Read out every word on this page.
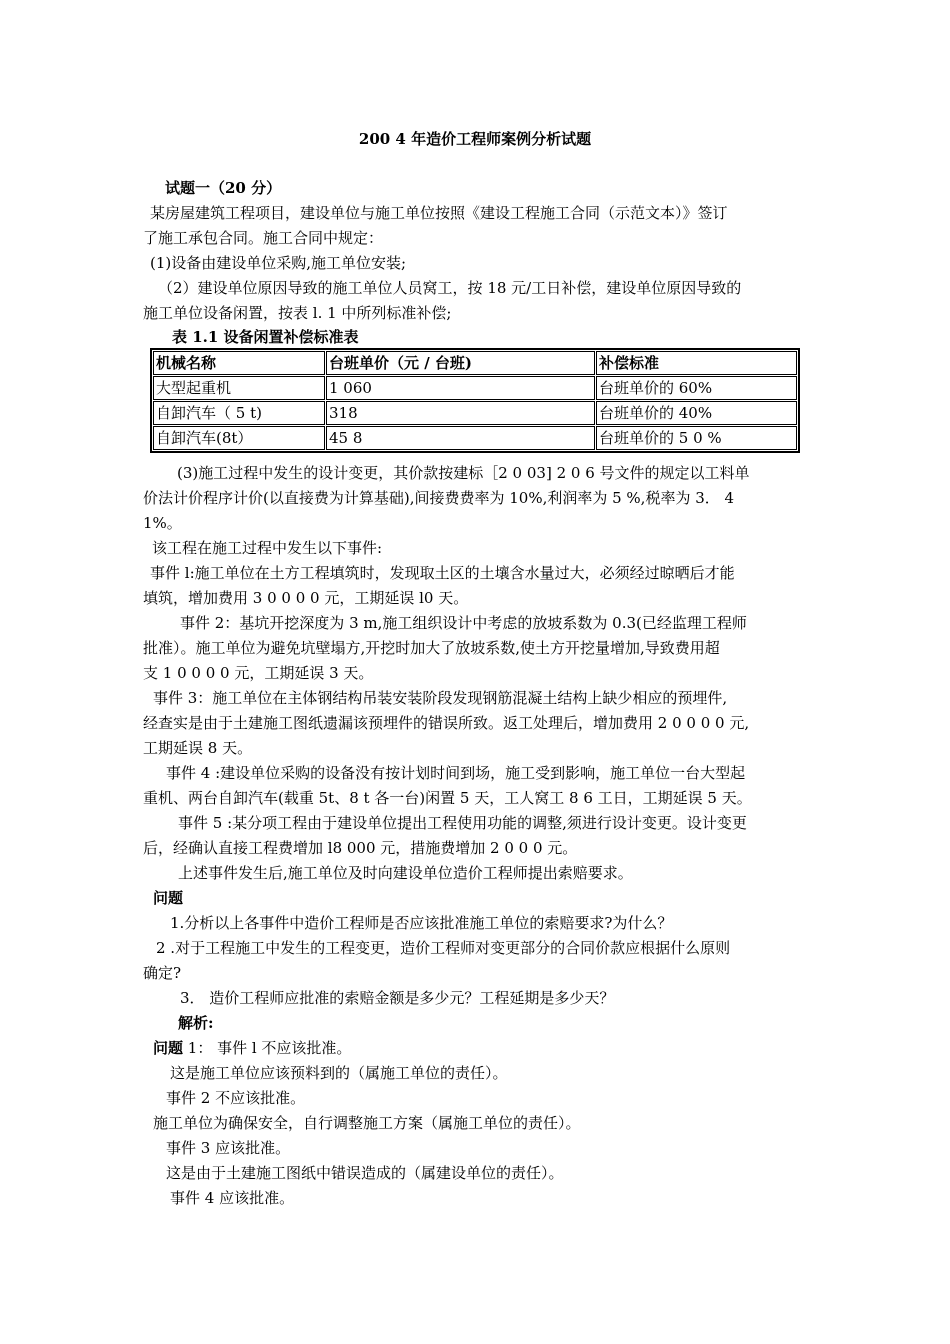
200 4 年造价工程师案例分析试题
试题一（20 分）
某房屋建筑工程项目，建设单位与施工单位按照《建设工程施工合同（示范文本）》签订
了施工承包合同。施工合同中规定：
(1)设备由建设单位采购,施工单位安装;
（2）建设单位原因导致的施工单位人员窝工，按 18 元/工日补偿，建设单位原因导致的
施工单位设备闲置，按表 l. 1 中所列标准补偿;
表 1.1 设备闲置补偿标准表
机械名称	台班单价（元 / 台班)	补偿标准
大型起重机	1 060	台班单价的 60%
自卸汽车（ 5 t)	318	台班单价的 40%
自卸汽车(8t）	45 8	台班单价的 5 0 %
(3)施工过程中发生的设计变更，其价款按建标［2 0 03] 2 0 6 号文件的规定以工料单
价法计价程序计价(以直接费为计算基础),间接费费率为 10%,利润率为 5 %,税率为 3． 4
1%。
该工程在施工过程中发生以下事件:
事件 l:施工单位在土方工程填筑时，发现取土区的土壤含水量过大，必须经过晾晒后才能
填筑，增加费用 3 0 0 0 0 元，工期延误 l0 天。
事件 2：基坑开挖深度为 3 m,施工组织设计中考虑的放坡系数为 0.3(已经监理工程师
批准）。施工单位为避免坑壁塌方,开挖时加大了放坡系数,使土方开挖量增加,导致费用超
支 1 0 0 0 0 元，工期延误 3 天。
事件 3：施工单位在主体钢结构吊装安装阶段发现钢筋混凝土结构上缺少相应的预埋件,
经查实是由于土建施工图纸遗漏该预埋件的错误所致。返工处理后，增加费用 2 0 0 0 0 元,
工期延误 8 天。
事件 4 :建设单位采购的设备没有按计划时间到场，施工受到影响，施工单位一台大型起
重机、两台自卸汽车(载重 5t、8 t 各一台)闲置 5 天，工人窝工 8 6 工日，工期延误 5 天。
事件 5 :某分项工程由于建设单位提出工程使用功能的调整,须进行设计变更。设计变更
后，经确认直接工程费增加 l8 000 元，措施费增加 2 0 0 0 元。
上述事件发生后,施工单位及时向建设单位造价工程师提出索赔要求。
问题
1.分析以上各事件中造价工程师是否应该批准施工单位的索赔要求?为什么？
2 .对于工程施工中发生的工程变更，造价工程师对变更部分的合同价款应根据什么原则
确定?
3． 造价工程师应批准的索赔金额是多少元？工程延期是多少天？
解析:
问题 1： 事件 l 不应该批准。
这是施工单位应该预料到的（属施工单位的责任）。
事件 2 不应该批准。
施工单位为确保安全，自行调整施工方案（属施工单位的责任）。
事件 3 应该批准。
这是由于土建施工图纸中错误造成的（属建设单位的责任）。
事件 4 应该批准。
